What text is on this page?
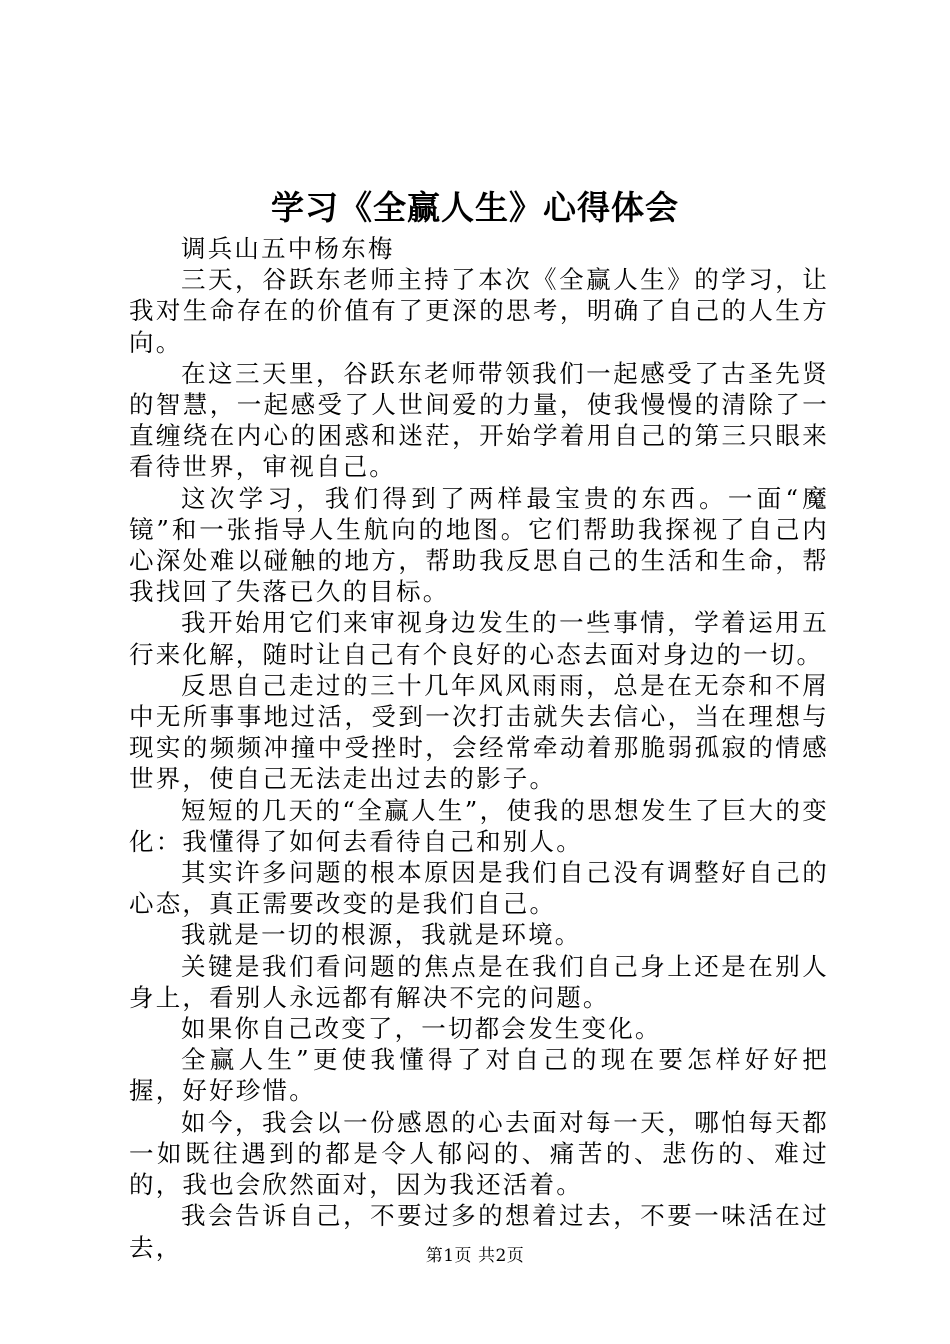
学习《全赢人生》心得体会

调兵山五中杨东梅

三天，谷跃东老师主持了本次《全赢人生》的学习，让我对生命存在的价值有了更深的思考，明确了自己的人生方向。

在这三天里，谷跃东老师带领我们一起感受了古圣先贤的智慧，一起感受了人世间爱的力量，使我慢慢的清除了一直缠绕在内心的困惑和迷茫，开始学着用自己的第三只眼来看待世界，审视自己。

这次学习，我们得到了两样最宝贵的东西。一面“魔镜”和一张指导人生航向的地图。它们帮助我探视了自己内心深处难以碰触的地方，帮助我反思自己的生活和生命，帮我找回了失落已久的目标。

我开始用它们来审视身边发生的一些事情，学着运用五行来化解，随时让自己有个良好的心态去面对身边的一切。

反思自己走过的三十几年风风雨雨，总是在无奈和不屑中无所事事地过活，受到一次打击就失去信心，当在理想与现实的频频冲撞中受挫时，会经常牵动着那脆弱孤寂的情感世界，使自己无法走出过去的影子。

短短的几天的“全赢人生”，使我的思想发生了巨大的变化：我懂得了如何去看待自己和别人。

其实许多问题的根本原因是我们自己没有调整好自己的心态，真正需要改变的是我们自己。

我就是一切的根源，我就是环境。

关键是我们看问题的焦点是在我们自己身上还是在别人身上，看别人永远都有解决不完的问题。

如果你自己改变了，一切都会发生变化。

全赢人生”更使我懂得了对自己的现在要怎样好好把握，好好珍惜。

如今，我会以一份感恩的心去面对每一天，哪怕每天都一如既往遇到的都是令人郁闷的、痛苦的、悲伤的、难过的，我也会欣然面对，因为我还活着。

我会告诉自己，不要过多的想着过去，不要一味活在过去，	第1页 共2页
